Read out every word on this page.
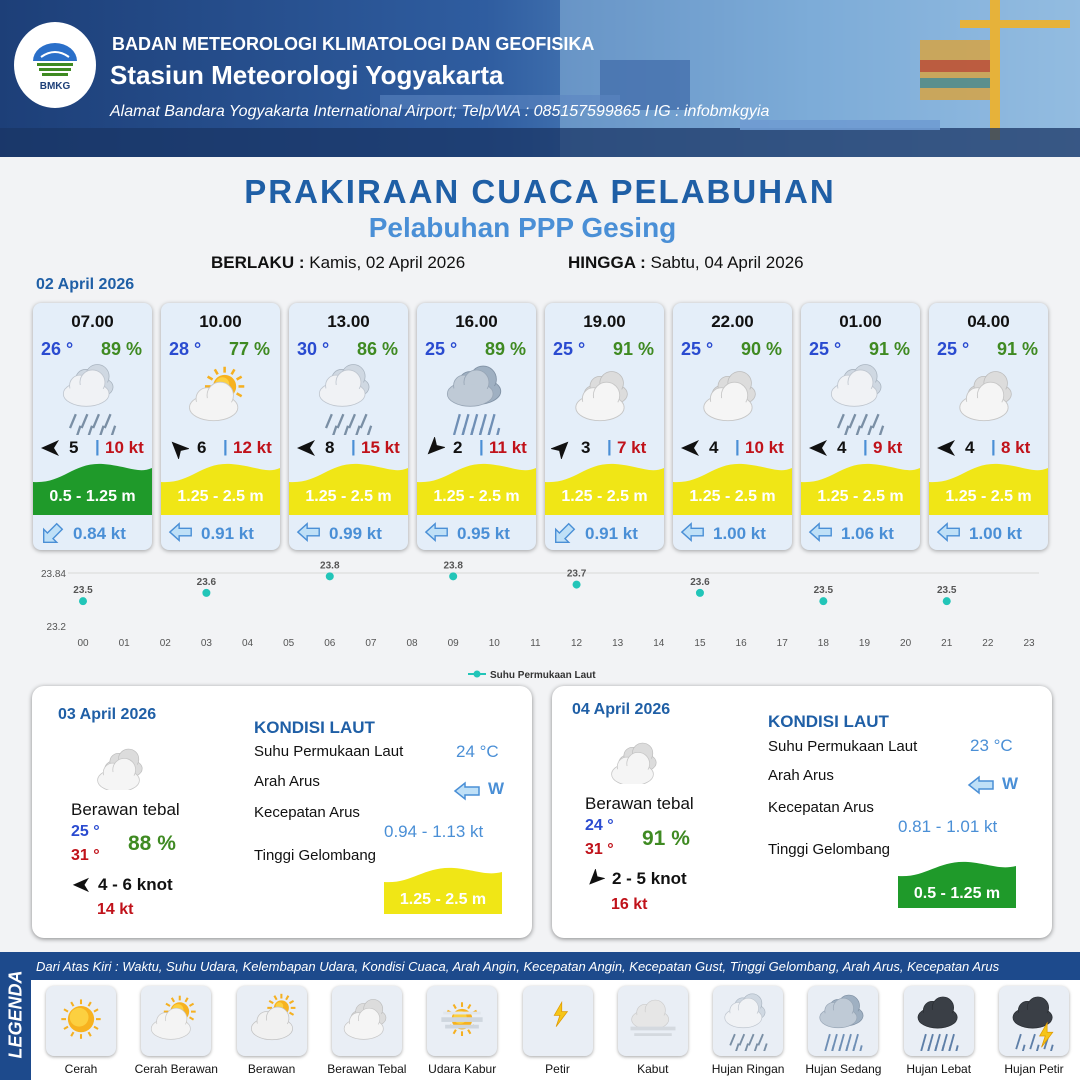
BMKG
BADAN METEOROLOGI KLIMATOLOGI DAN GEOFISIKA
Stasiun Meteorologi Yogyakarta
Alamat Bandara Yogyakarta International Airport; Telp/WA : 085157599865 I IG : infobmkgyia
PRAKIRAAN CUACA PELABUHAN
Pelabuhan PPP Gesing
BERLAKU : Kamis, 02 April 2026	HINGGA : Sabtu, 04 April 2026
02 April 2026
07.00
26 ° 89 %
5 | 10 kt
0.5 - 1.25 m
0.84 kt
10.00
28 ° 77 %
6 | 12 kt
1.25 - 2.5 m
0.91 kt
13.00
30 ° 86 %
8 | 15 kt
1.25 - 2.5 m
0.99 kt
16.00
25 ° 89 %
2 | 11 kt
1.25 - 2.5 m
0.95 kt
19.00
25 ° 91 %
3 | 7 kt
1.25 - 2.5 m
0.91 kt
22.00
25 ° 90 %
4 | 10 kt
1.25 - 2.5 m
1.00 kt
01.00
25 ° 91 %
4 | 9 kt
1.25 - 2.5 m
1.06 kt
04.00
25 ° 91 %
4 | 8 kt
1.25 - 2.5 m
1.00 kt
23.84
23.2
00	01	02	03	04	05	06	07	08	09	10	11	12	13	14	15	16	17	18	19	20	21	22	23
23.5
23.6
23.8	23.8
23.7
23.6
23.5	23.5
Suhu Permukaan Laut
03 April 2026
Berawan tebal
25 °
31 °
88 %
4 - 6 knot
14 kt
KONDISI LAUT
Suhu Permukaan Laut	24 °C
Arah Arus	W
Kecepatan Arus
0.94 - 1.13 kt
Tinggi Gelombang
1.25 - 2.5 m
04 April 2026
Berawan tebal
24 °
31 ° 91 %
2 - 5 knot
16 kt
KONDISI LAUT
Suhu Permukaan Laut	23 °C
Arah Arus	W
Kecepatan Arus
0.81 - 1.01 kt
Tinggi Gelombang
0.5 - 1.25 m
LEGENDA
Dari Atas Kiri : Waktu, Suhu Udara, Kelembapan Udara, Kondisi Cuaca, Arah Angin, Kecepatan Angin, Kecepatan Gust, Tinggi Gelombang, Arah Arus, Kecepatan Arus
Cerah	Cerah Berawan	Berawan	Berawan Tebal	Udara Kabur	Petir	Kabut	Hujan Ringan	Hujan Sedang	Hujan Lebat	Hujan Petir
